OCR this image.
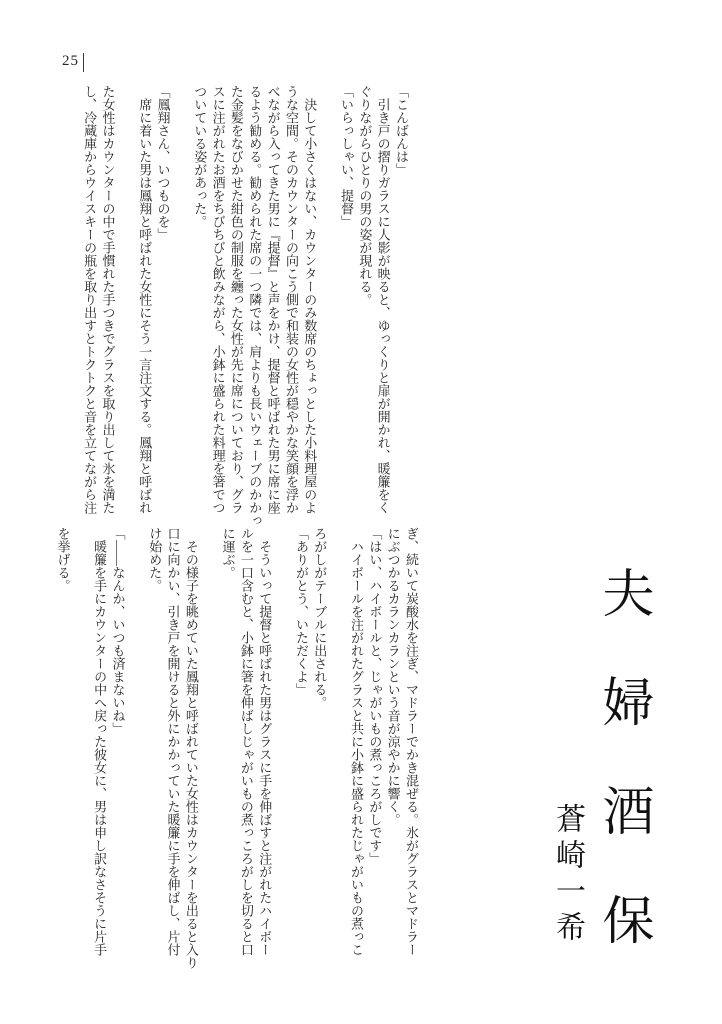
25
「こんばんは」
　引き戸の摺りガラスに人影が映ると、ゆっくりと扉が開かれ、暖簾をく
ぐりながらひとりの男の姿が現れる。
「いらっしゃい、提督」

　決して小さくはない、カウンターのみ数席のちょっとした小料理屋のよ
うな空間。そのカウンターの向こう側で和装の女性が穏やかな笑顔を浮か
べながら入ってきた男に『提督』と声をかけ、提督と呼ばれた男に席に座
るよう勧める。勧められた席の一つ隣では、肩よりも長いウェーブのかかっ
た金髪をなびかせた紺色の制服を纏った女性が先に席についており、グラ
スに注がれたお酒をちびちびと飲みながら、小鉢に盛られた料理を箸でつ
ついている姿があった。

「鳳翔さん、いつものを」
　席に着いた男は鳳翔と呼ばれた女性にそう一言注文する。鳳翔と呼ばれ

た女性はカウンターの中で手慣れた手つきでグラスを取り出して氷を満た
し、冷蔵庫からウイスキーの瓶を取り出すとトクトクと音を立てながら注
ぎ、続いて炭酸水を注ぎ、マドラーでかき混ぜる。氷がグラスとマドラー
にぶつかるカランカランという音が涼やかに響く。
「はい、ハイボールと、じゃがいもの煮っころがしです」
　ハイボールを注がれたグラスと共に小鉢に盛られたじゃがいもの煮っこ

ろがしがテーブルに出される。
「ありがとう、いただくよ」

　そういって提督と呼ばれた男はグラスに手を伸ばすと注がれたハイボー
ルを一口含むと、小鉢に箸を伸ばしじゃがいもの煮っころがしを切ると口
に運ぶ。

　その様子を眺めていた鳳翔と呼ばれていた女性はカウンターを出ると入り
口に向かい、引き戸を開けると外にかかっていた暖簾に手を伸ばし、片付
け始めた。

「――なんか、いつも済まないね」
　暖簾を手にカウンターの中へ戻った彼女に、男は申し訳なさそうに片手

を挙げる。
夫婦酒保
蒼崎一希
